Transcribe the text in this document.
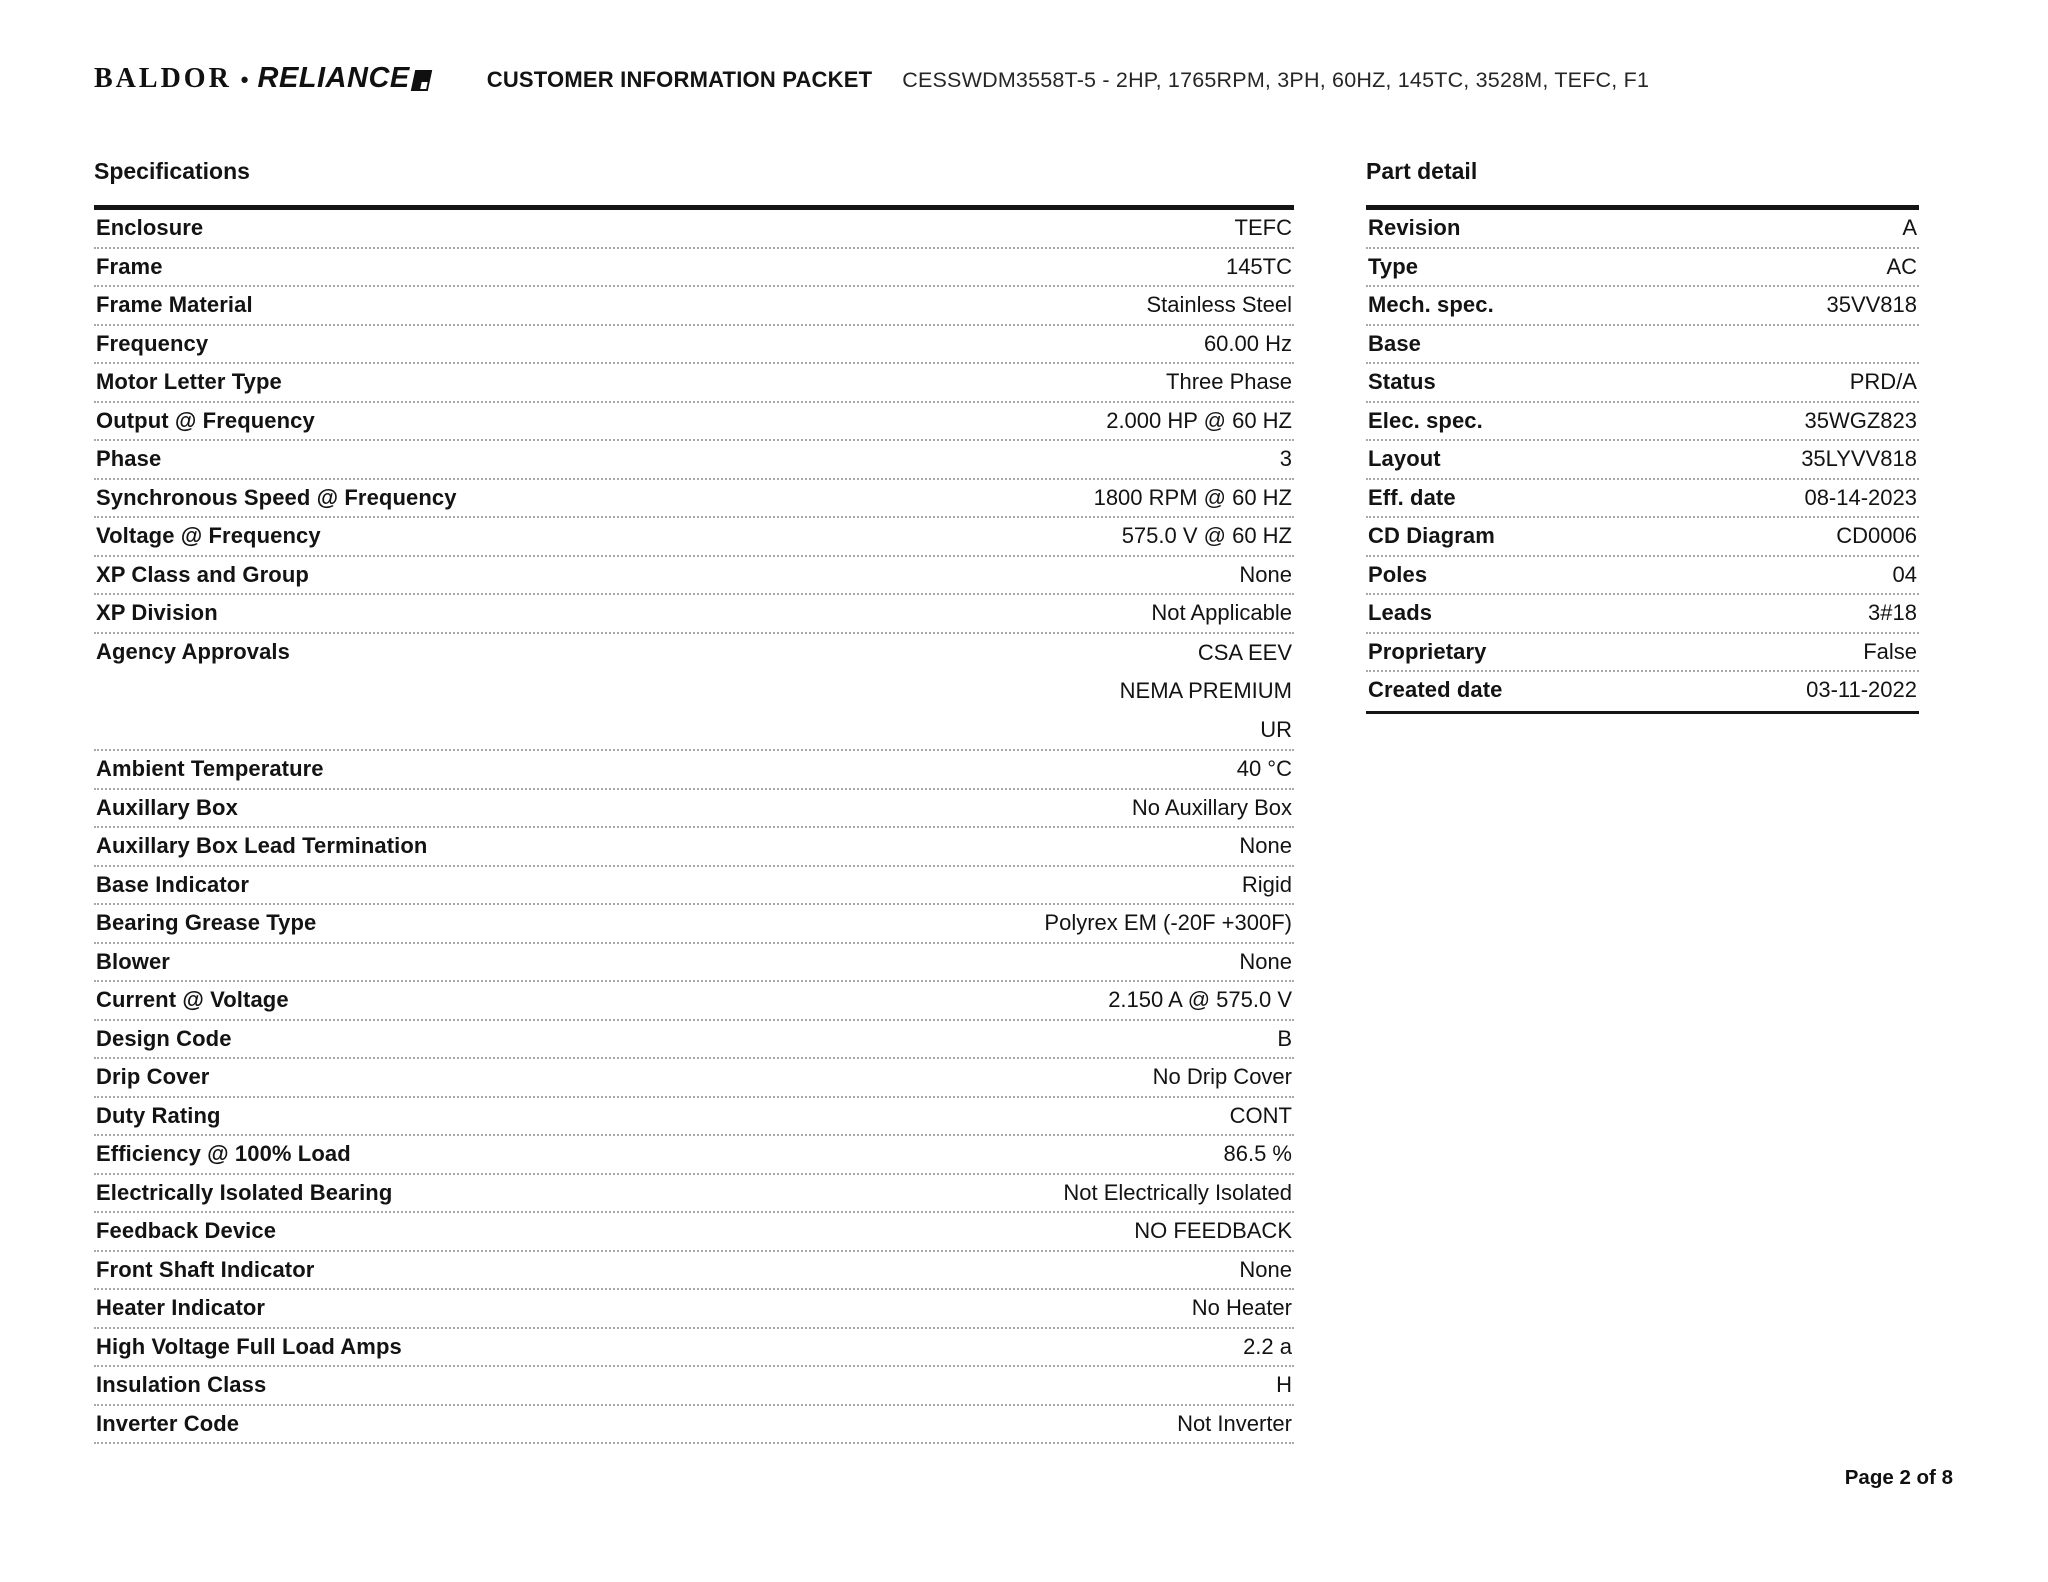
BALDOR • RELIANCE	CUSTOMER INFORMATION PACKET CESSWDM3558T-5 - 2HP, 1765RPM, 3PH, 60HZ, 145TC, 3528M, TEFC, F1
Specifications
Enclosure	TEFC
Frame	145TC
Frame Material	Stainless Steel
Frequency	60.00 Hz
Motor Letter Type	Three Phase
Output @ Frequency	2.000 HP @ 60 HZ
Phase	3
Synchronous Speed @ Frequency	1800 RPM @ 60 HZ
Voltage @ Frequency	575.0 V @ 60 HZ
XP Class and Group	None
XP Division	Not Applicable
Agency Approvals	CSA EEV
NEMA PREMIUM
UR
Ambient Temperature	40 °C
Auxillary Box	No Auxillary Box
Auxillary Box Lead Termination	None
Base Indicator	Rigid
Bearing Grease Type	Polyrex EM (-20F +300F)
Blower	None
Current @ Voltage	2.150 A @ 575.0 V
Design Code	B
Drip Cover	No Drip Cover
Duty Rating	CONT
Efficiency @ 100% Load	86.5 %
Electrically Isolated Bearing	Not Electrically Isolated
Feedback Device	NO FEEDBACK
Front Shaft Indicator	None
Heater Indicator	No Heater
High Voltage Full Load Amps	2.2 a
Insulation Class	H
Inverter Code	Not Inverter
Part detail
Revision	A
Type	AC
Mech. spec.	35VV818
Base
Status	PRD/A
Elec. spec.	35WGZ823
Layout	35LYVV818
Eff. date	08-14-2023
CD Diagram	CD0006
Poles	04
Leads	3#18
Proprietary	False
Created date	03-11-2022
Page 2 of 8
